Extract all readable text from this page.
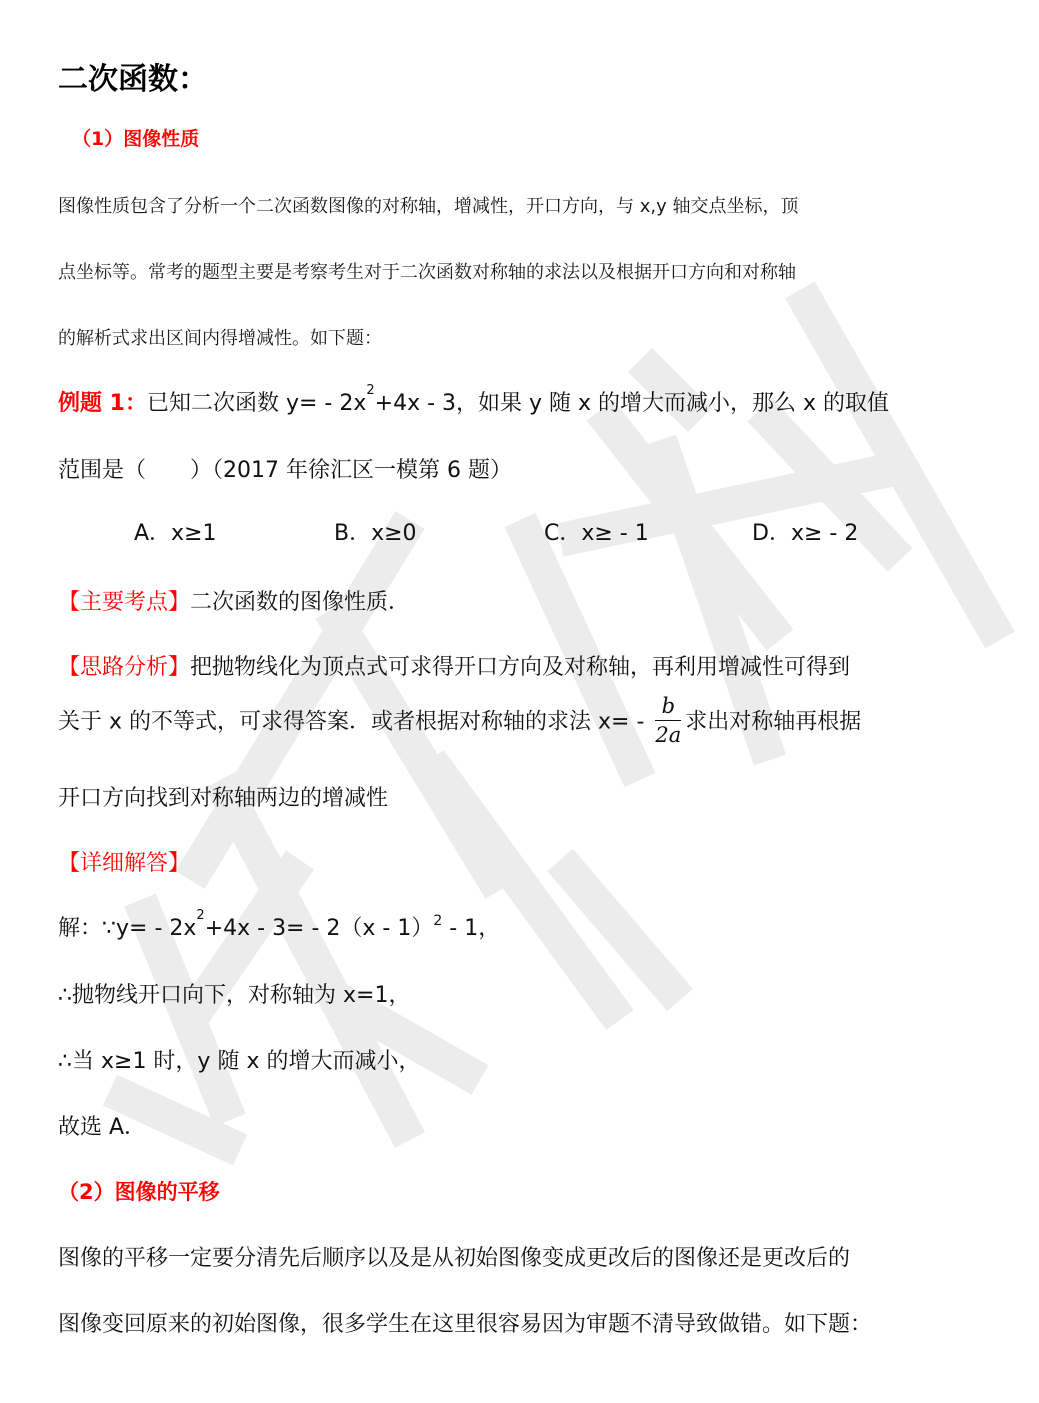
二次函数：
（1）图像性质
图像性质包含了分析一个二次函数图像的对称轴，增减性，开口方向，与 x,y 轴交点坐标，顶
点坐标等。常考的题型主要是考察考生对于二次函数对称轴的求法以及根据开口方向和对称轴
的解析式求出区间内得增减性。如下题：
例题 1：已知二次函数 $y= - 2x^2+4x - 3$，如果 y 随 x 的增大而减小，那么 x 的取值
范围是（　　）（2017 年徐汇区一模第 6 题）
A．x≥1	B．x≥0	C．x≥ - 1	D．x≥ - 2
【主要考点】二次函数的图像性质．
【思路分析】把抛物线化为顶点式可求得开口方向及对称轴，再利用增减性可得到
关于 x 的不等式，可求得答案．或者根据对称轴的求法 $x= - \frac{b}{2a}$ 求出对称轴再根据
开口方向找到对称轴两边的增减性
【详细解答】
解：∵y= - $2x^2+4x - 3= - 2(x - 1)^2 - 1$，
∴抛物线开口向下，对称轴为 x=1，
∴当 x≥1 时，y 随 x 的增大而减小，
故选 A．
（2）图像的平移
图像的平移一定要分清先后顺序以及是从初始图像变成更改后的图像还是更改后的
图像变回原来的初始图像，很多学生在这里很容易因为审题不清导致做错。如下题：
